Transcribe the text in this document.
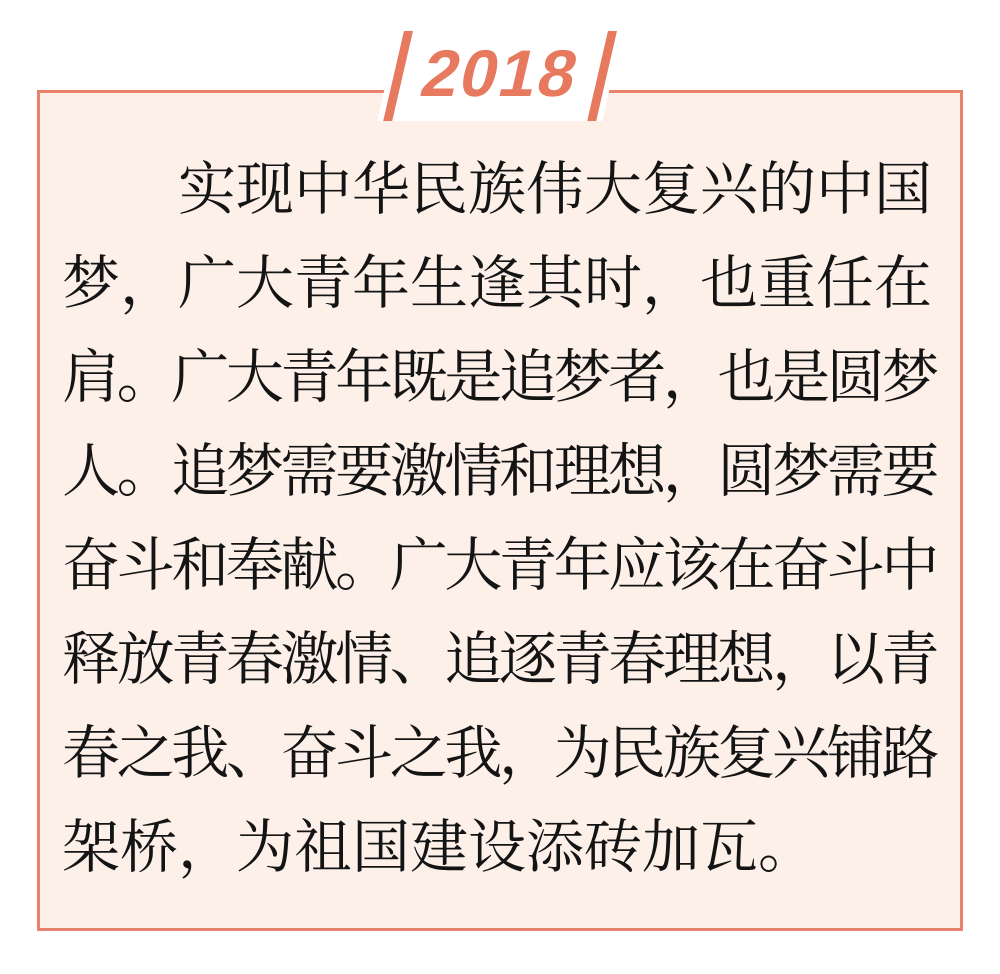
实现中华民族伟大复兴的中国
梦，广大青年生逢其时，也重任在
肩。广大青年既是追梦者，也是圆梦
人。追梦需要激情和理想，圆梦需要
奋斗和奉献。广大青年应该在奋斗中
释放青春激情、追逐青春理想，以青
春之我、奋斗之我，为民族复兴铺路
架桥，为祖国建设添砖加瓦。
2018
